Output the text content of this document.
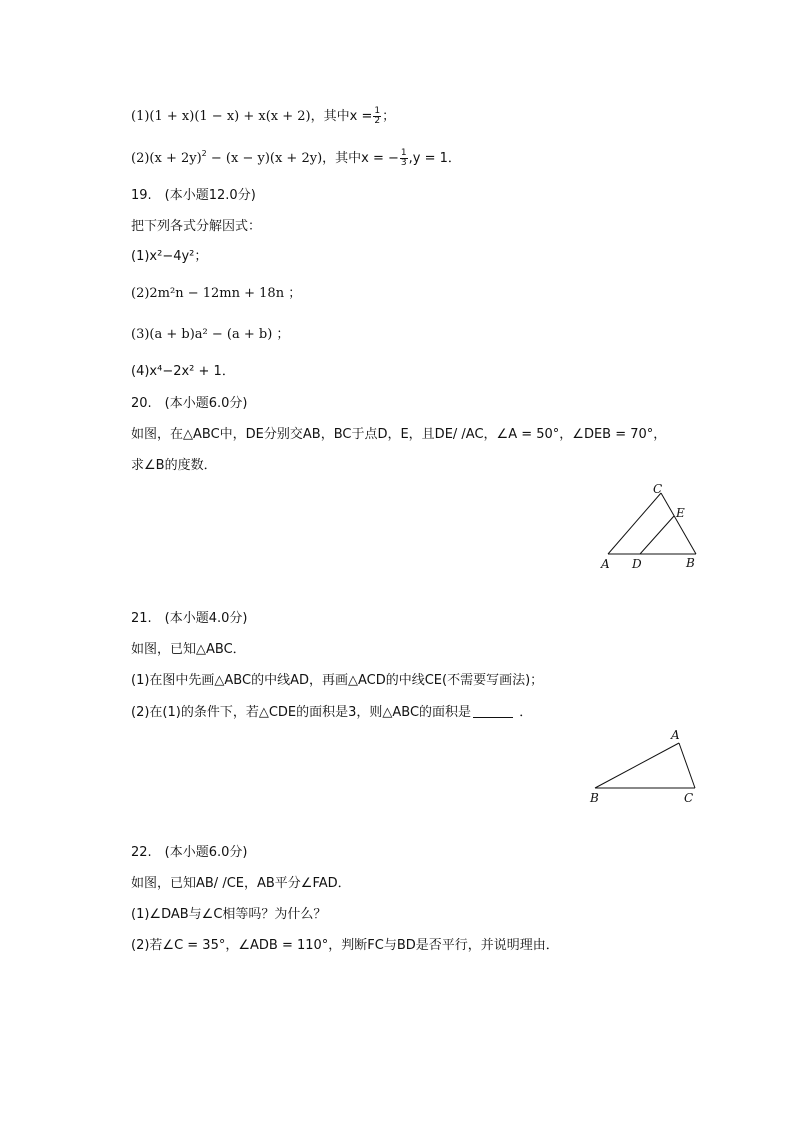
(1)(1 + x)(1 − x) + x(x + 2)，其中$x = \frac{1}{2}$ ；
$(2)(x + 2y)^2 - (x - y)(x + 2y)$，其中x = − $\frac{1}{3} ,y = 1$．
19.　(本小题12.0分)
把下列各式分解因式：
(1)x²−4y²；
(2)2m²n − 12mn + 18n ；
(3)(a + b)a² − (a + b) ；
(4)x⁴−2x² + 1．
20.　(本小题6.0分)
如图，在△ABC中，DE分别交AB，BC于点D，E，且DE/ /AC，∠A = 50°，∠DEB = 70°，
求∠B的度数．
C
E
A D	B
21.　(本小题4.0分)
如图，已知△ABC．
(1)在图中先画△ABC的中线AD，再画△ACD的中线CE(不需要写画法)；
(2)在(1)的条件下，若△CDE的面积是3，则△ABC的面积是	．
A
B	C
22.　(本小题6.0分)
如图，已知AB/ /CE，AB平分∠FAD．
(1)∠DAB与∠C相等吗？为什么？
(2)若∠C = 35°，∠ADB = 110°，判断FC与BD是否平行，并说明理由．
